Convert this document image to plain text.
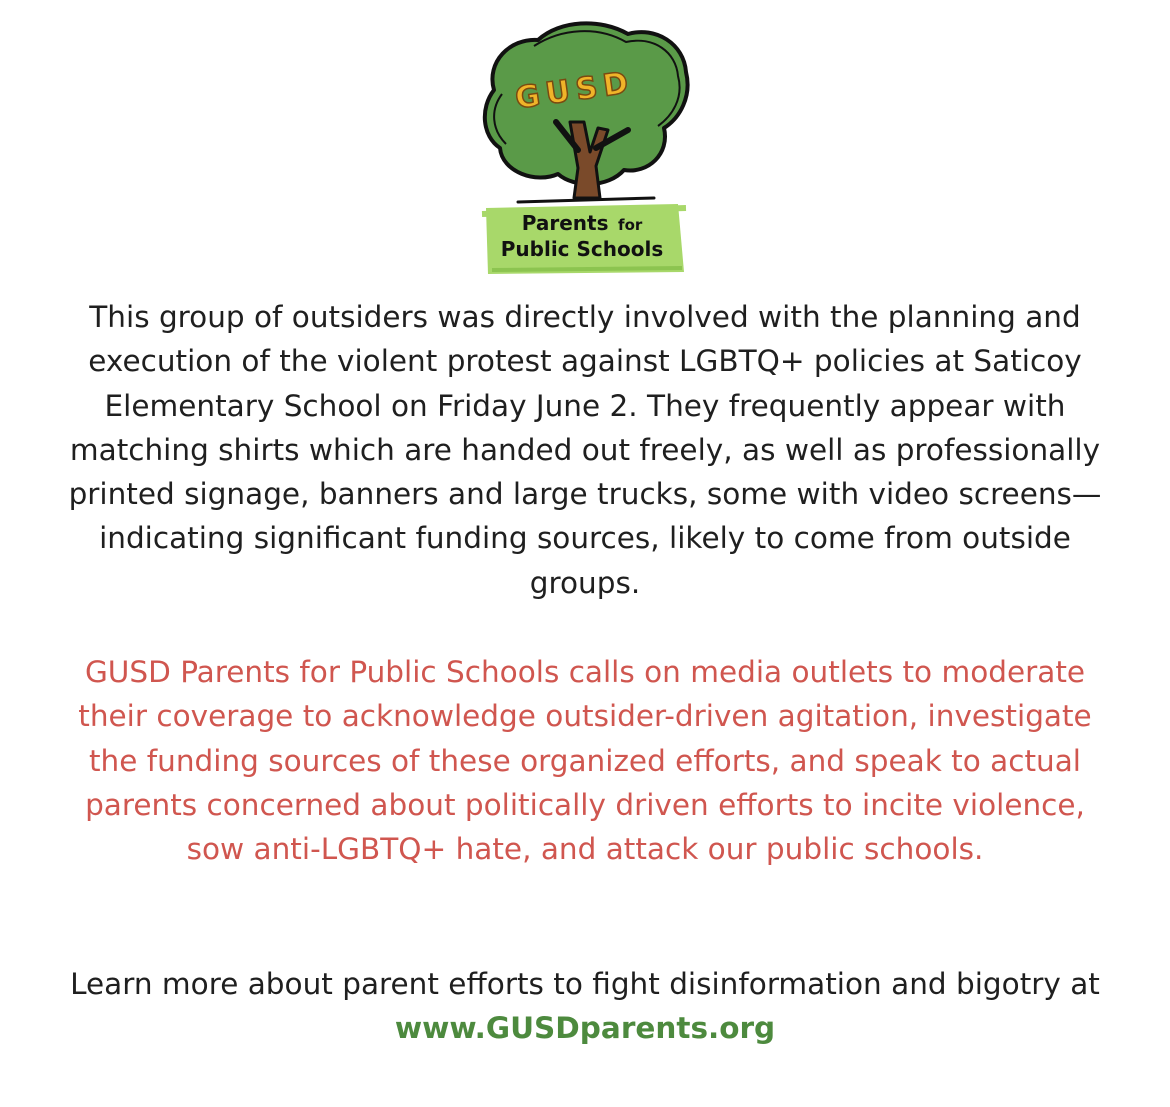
GUSD
Parents for
Public Schools

This group of outsiders was directly involved with the planning and execution of the violent protest against LGBTQ+ policies at Saticoy Elementary School on Friday June 2. They frequently appear with matching shirts which are handed out freely, as well as professionally printed signage, banners and large trucks, some with video screens— indicating significant funding sources, likely to come from outside groups.

GUSD Parents for Public Schools calls on media outlets to moderate their coverage to acknowledge outsider-driven agitation, investigate the funding sources of these organized efforts, and speak to actual parents concerned about politically driven efforts to incite violence, sow anti-LGBTQ+ hate, and attack our public schools.

Learn more about parent efforts to fight disinformation and bigotry at www.GUSDparents.org
